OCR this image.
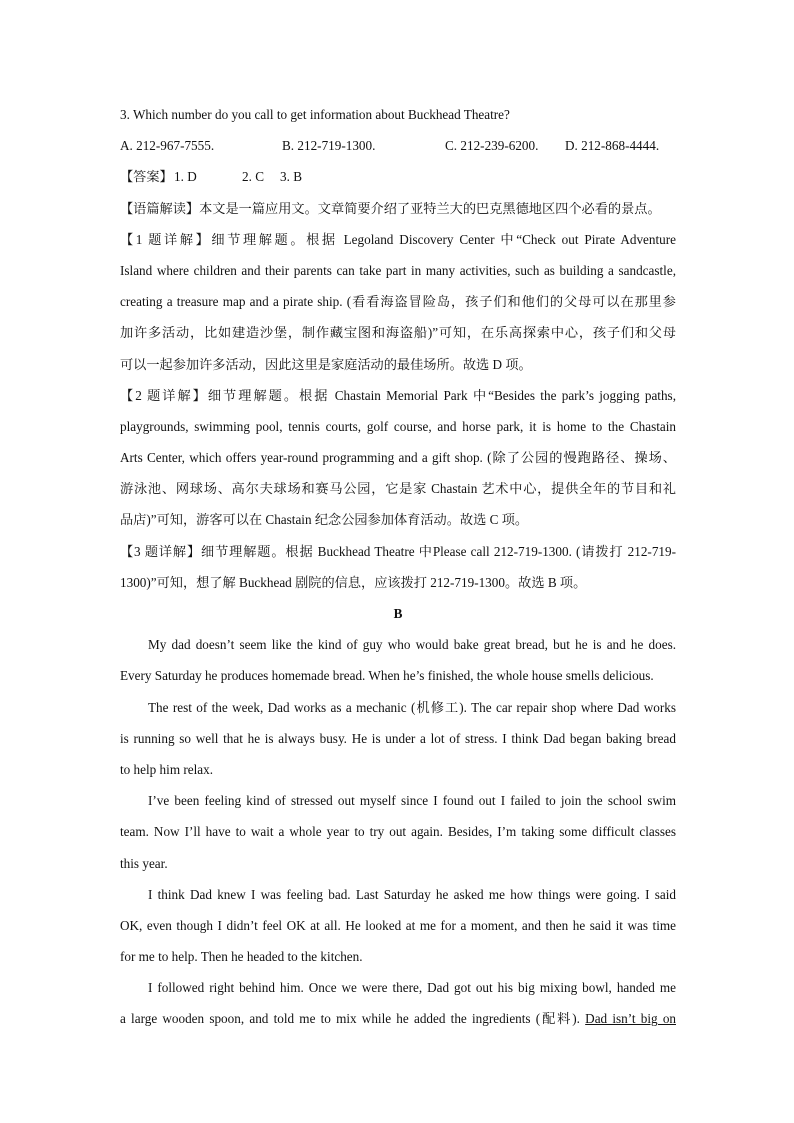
3. Which number do you call to get information about Buckhead Theatre?
A. 212-967-7555.	B. 212-719-1300.	C. 212-239-6200. D. 212-868-4444.
【答案】 1. D	2. C 3. B
【语篇解读】本文是一篇应用文。文章简要介绍了亚特兰大的巴克黑德地区四个必看的景点。
【1 题详解】细节理解题。根据 Legoland Discovery Center 中“Check out Pirate Adventure
Island where children and their parents can take part in many activities, such as building a sandcastle,
creating a treasure map and a pirate ship. (看看海盗冒险岛，孩子们和他们的父母可以在那里参
加许多活动，比如建造沙堡，制作藏宝图和海盗船)”可知，在乐高探索中心，孩子们和父母
可以一起参加许多活动，因此这里是家庭活动的最佳场所。故选 D 项。
【2 题详解】细节理解题。根据 Chastain Memorial Park 中“Besides the park’s jogging paths,
playgrounds, swimming pool, tennis courts, golf course, and horse park, it is home to the Chastain
Arts Center, which offers year-round programming and a gift shop. (除了公园的慢跑路径、操场、
游泳池、网球场、高尔夫球场和赛马公园，它是家 Chastain 艺术中心，提供全年的节目和礼
品店)”可知，游客可以在 Chastain 纪念公园参加体育活动。故选 C 项。
【3 题详解】细节理解题。根据 Buckhead Theatre 中Please call 212-719-1300. (请拨打 212-719-
1300)”可知，想了解 Buckhead 剧院的信息，应该拨打 212-719-1300。故选 B 项。
B
My dad doesn’t seem like the kind of guy who would bake great bread, but he is and he does.
Every Saturday he produces homemade bread. When he’s finished, the whole house smells delicious.
The rest of the week, Dad works as a mechanic (机修工). The car repair shop where Dad works
is running so well that he is always busy. He is under a lot of stress. I think Dad began baking bread
to help him relax.
I’ve been feeling kind of stressed out myself since I found out I failed to join the school swim
team. Now I’ll have to wait a whole year to try out again. Besides, I’m taking some difficult classes
this year.
I think Dad knew I was feeling bad. Last Saturday he asked me how things were going. I said
OK, even though I didn’t feel OK at all. He looked at me for a moment, and then he said it was time
for me to help. Then he headed to the kitchen.
I followed right behind him. Once we were there, Dad got out his big mixing bowl, handed me
a large wooden spoon, and told me to mix while he added the ingredients (配料). Dad isn’t big on
